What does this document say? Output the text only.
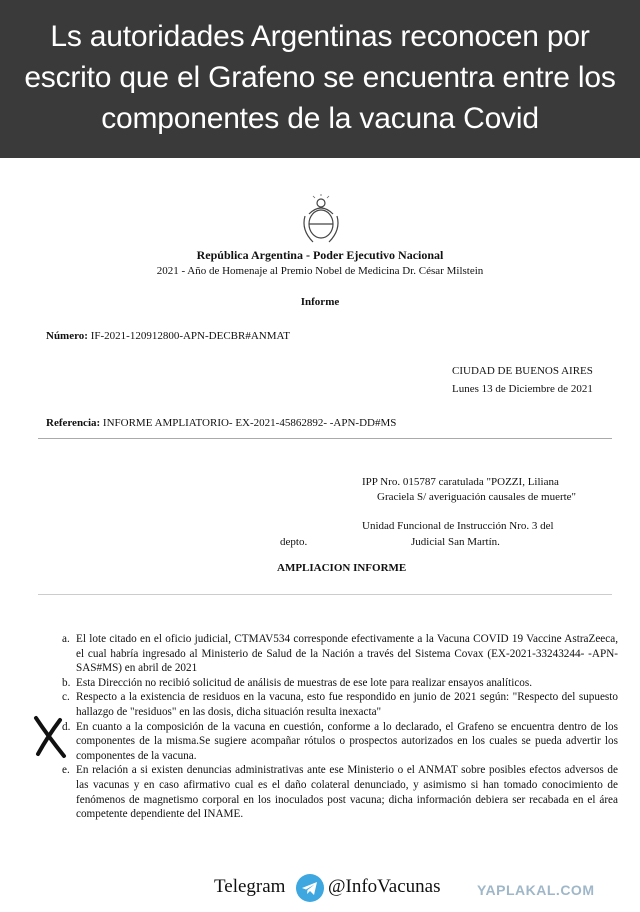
Ls autoridades Argentinas reconocen por
escrito que el Grafeno se encuentra entre los
componentes de la vacuna Covid
República Argentina - Poder Ejecutivo Nacional
2021 - Año de Homenaje al Premio Nobel de Medicina Dr. César Milstein
Informe
Número: IF-2021-120912800-APN-DECBR#ANMAT
CIUDAD DE BUENOS AIRES
Lunes 13 de Diciembre de 2021
Referencia: INFORME AMPLIATORIO- EX-2021-45862892- -APN-DD#MS
IPP Nro. 015787 caratulada "POZZI, Liliana
Graciela S/ averiguación causales de muerte"
Unidad Funcional de Instrucción Nro. 3 del
depto.	Judicial San Martín.
AMPLIACION INFORME
a. El lote citado en el oficio judicial, CTMAV534 corresponde efectivamente a la Vacuna COVID 19 Vaccine AstraZeeca, el cual habría ingresado al Ministerio de Salud de la Nación a través del Sistema Covax (EX-2021-33243244- -APN-SAS#MS) en abril de 2021
b. Esta Dirección no recibió solicitud de análisis de muestras de ese lote para realizar ensayos analíticos.
c. Respecto a la existencia de residuos en la vacuna, esto fue respondido en junio de 2021 según: "Respecto del supuesto hallazgo de "residuos" en las dosis, dicha situación resulta inexacta"
d. En cuanto a la composición de la vacuna en cuestión, conforme a lo declarado, el Grafeno se encuentra dentro de los componentes de la misma.Se sugiere acompañar rótulos o prospectos autorizados en los cuales se pueda advertir los componentes de la vacuna.
e. En relación a si existen denuncias administrativas ante ese Ministerio o el ANMAT sobre posibles efectos adversos de las vacunas y en caso afirmativo cual es el daño colateral denunciado, y asimismo si han tomado conocimiento de fenómenos de magnetismo corporal en los inoculados post vacuna; dicha información debiera ser recabada en el área competente dependiente del INAME.
Telegram @InfoVacunas	YAPLAKAL.COM
